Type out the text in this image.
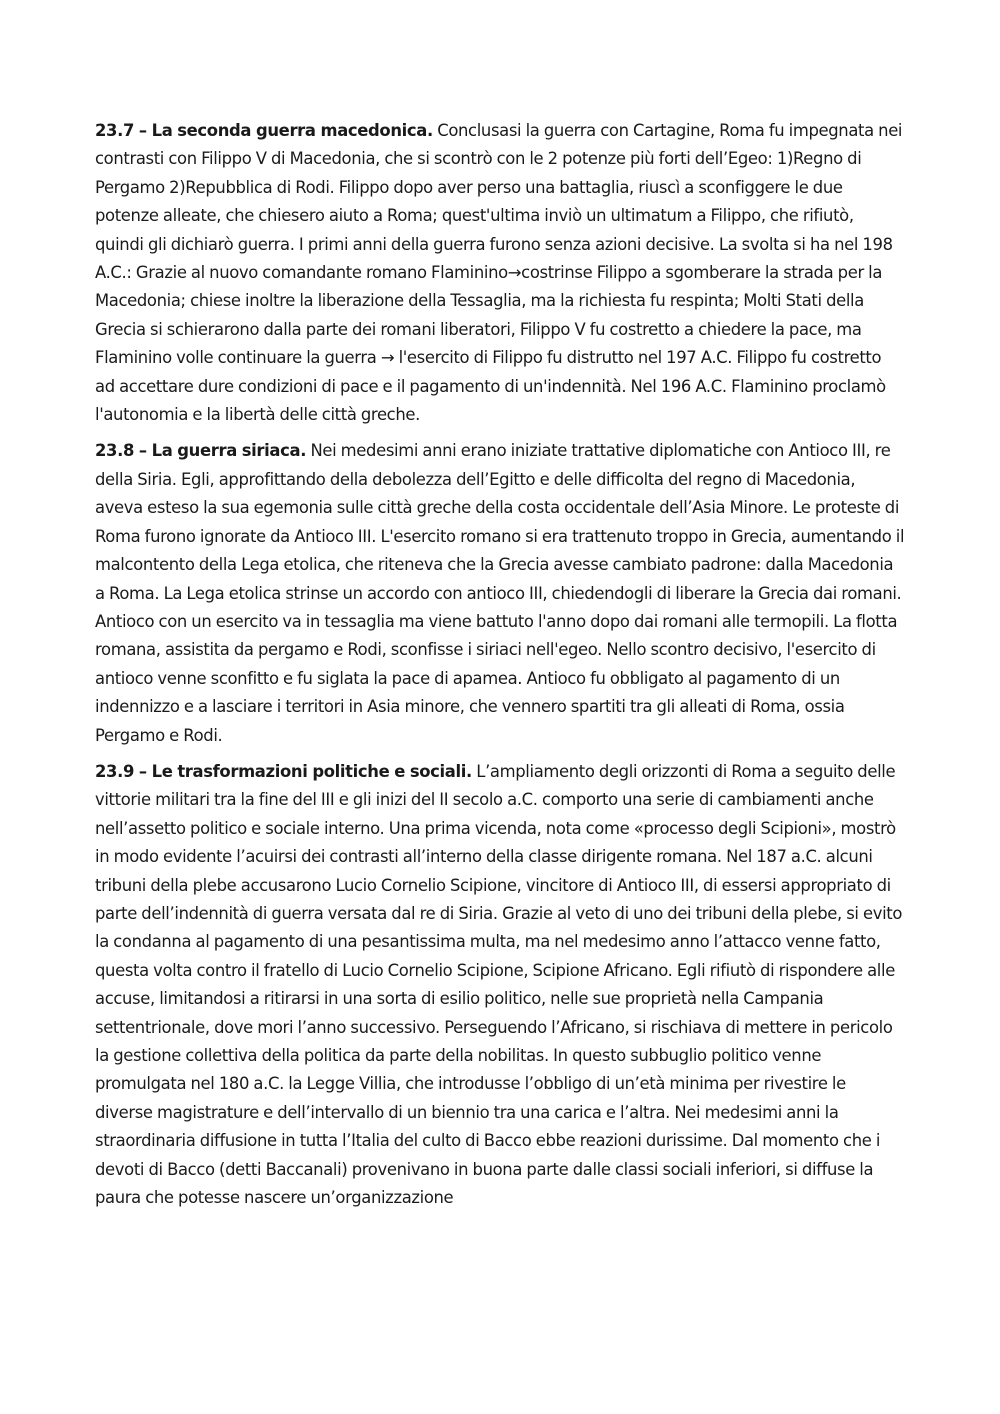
23.7 – La seconda guerra macedonica. Conclusasi la guerra con Cartagine, Roma fu impegnata nei contrasti con Filippo V di Macedonia, che si scontrò con le 2 potenze più forti dell’Egeo: 1)Regno di Pergamo 2)Repubblica di Rodi. Filippo dopo aver perso una battaglia, riuscì a sconfiggere le due potenze alleate, che chiesero aiuto a Roma; quest'ultima inviò un ultimatum a Filippo, che rifiutò, quindi gli dichiarò guerra. I primi anni della guerra furono senza azioni decisive. La svolta si ha nel 198 A.C.: Grazie al nuovo comandante romano Flaminino→costrinse Filippo a sgomberare la strada per la Macedonia; chiese inoltre la liberazione della Tessaglia, ma la richiesta fu respinta; Molti Stati della Grecia si schierarono dalla parte dei romani liberatori, Filippo V fu costretto a chiedere la pace, ma Flaminino volle continuare la guerra → l'esercito di Filippo fu distrutto nel 197 A.C. Filippo fu costretto ad accettare dure condizioni di pace e il pagamento di un'indennità. Nel 196 A.C. Flaminino proclamò l'autonomia e la libertà delle città greche.

23.8 – La guerra siriaca. Nei medesimi anni erano iniziate trattative diplomatiche con Antioco III, re della Siria. Egli, approfittando della debolezza dell’Egitto e delle difficolta del regno di Macedonia, aveva esteso la sua egemonia sulle città greche della costa occidentale dell’Asia Minore. Le proteste di Roma furono ignorate da Antioco III. L'esercito romano si era trattenuto troppo in Grecia, aumentando il malcontento della Lega etolica, che riteneva che la Grecia avesse cambiato padrone: dalla Macedonia a Roma. La Lega etolica strinse un accordo con antioco III, chiedendogli di liberare la Grecia dai romani. Antioco con un esercito va in tessaglia ma viene battuto l'anno dopo dai romani alle termopili. La flotta romana, assistita da pergamo e Rodi, sconfisse i siriaci nell'egeo. Nello scontro decisivo, l'esercito di antioco venne sconfitto e fu siglata la pace di apamea. Antioco fu obbligato al pagamento di un indennizzo e a lasciare i territori in Asia minore, che vennero spartiti tra gli alleati di Roma, ossia Pergamo e Rodi.

23.9 – Le trasformazioni politiche e sociali. L’ampliamento degli orizzonti di Roma a seguito delle vittorie militari tra la fine del III e gli inizi del II secolo a.C. comporto una serie di cambiamenti anche nell’assetto politico e sociale interno. Una prima vicenda, nota come «processo degli Scipioni», mostrò in modo evidente l’acuirsi dei contrasti all’interno della classe dirigente romana. Nel 187 a.C. alcuni tribuni della plebe accusarono Lucio Cornelio Scipione, vincitore di Antioco III, di essersi appropriato di parte dell’indennità di guerra versata dal re di Siria. Grazie al veto di uno dei tribuni della plebe, si evito la condanna al pagamento di una pesantissima multa, ma nel medesimo anno l’attacco venne fatto, questa volta contro il fratello di Lucio Cornelio Scipione, Scipione Africano. Egli rifiutò di rispondere alle accuse, limitandosi a ritirarsi in una sorta di esilio politico, nelle sue proprietà nella Campania settentrionale, dove mori l’anno successivo. Perseguendo l’Africano, si rischiava di mettere in pericolo la gestione collettiva della politica da parte della nobilitas. In questo subbuglio politico venne promulgata nel 180 a.C. la Legge Villia, che introdusse l’obbligo di un’età minima per rivestire le diverse magistrature e dell’intervallo di un biennio tra una carica e l’altra. Nei medesimi anni la straordinaria diffusione in tutta l’Italia del culto di Bacco ebbe reazioni durissime. Dal momento che i devoti di Bacco (detti Baccanali) provenivano in buona parte dalle classi sociali inferiori, si diffuse la paura che potesse nascere un’organizzazione
